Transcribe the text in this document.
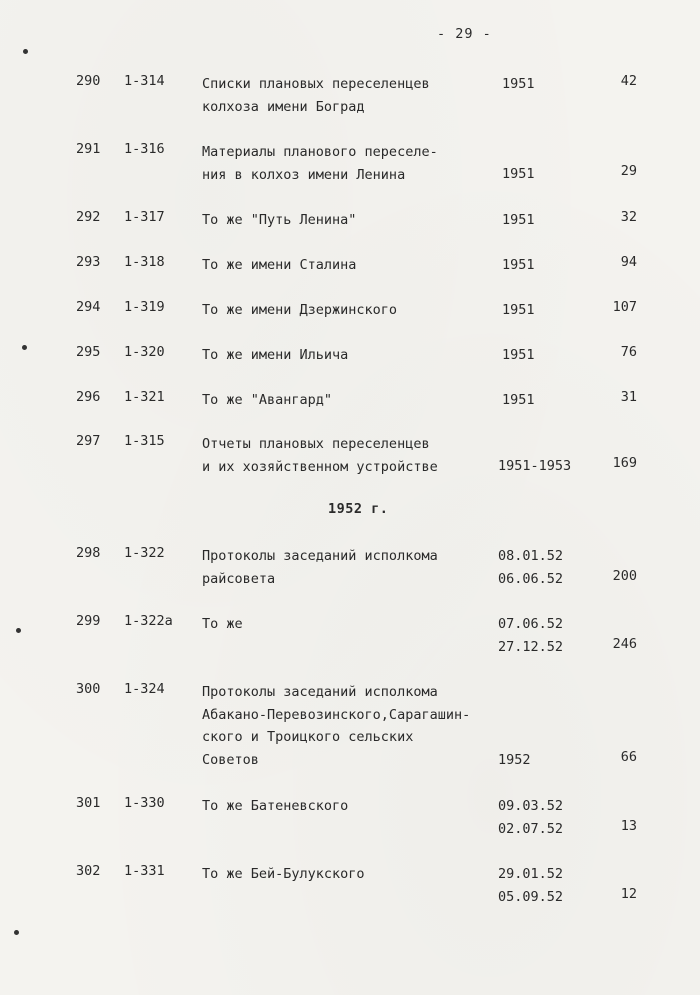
- 29 -
290 1-314	Списки плановых переселенцев
колхоза имени Боград
1951	42
291 1-316	Материалы планового переселе-
ния в колхоз имени Ленина	1951	29
292 1-317	То же "Путь Ленина"	1951	32
293 1-318	То же имени Сталина	1951	94
294 1-319	То же имени Дзержинского	1951	107
295 1-320	То же имени Ильича	1951	76
296 1-321	То же "Авангард"	1951	31
297 1-315	Отчеты плановых переселенцев
и их хозяйственном устройстве	1951-1953	169
1952 г.
298 1-322	Протоколы заседаний исполкома
райсовета
08.01.52
06.06.52	200
299 1-322а То же	07.06.52
27.12.52	246
300 1-324	Протоколы заседаний исполкома
Абакано-Перевозинского,Сарагашин-
ского и Троицкого сельских
Советов	1952	66
301 1-330	То же Батеневского	09.03.52
02.07.52	13
302 1-331	То же Бей-Булукского	29.01.52
05.09.52	12
